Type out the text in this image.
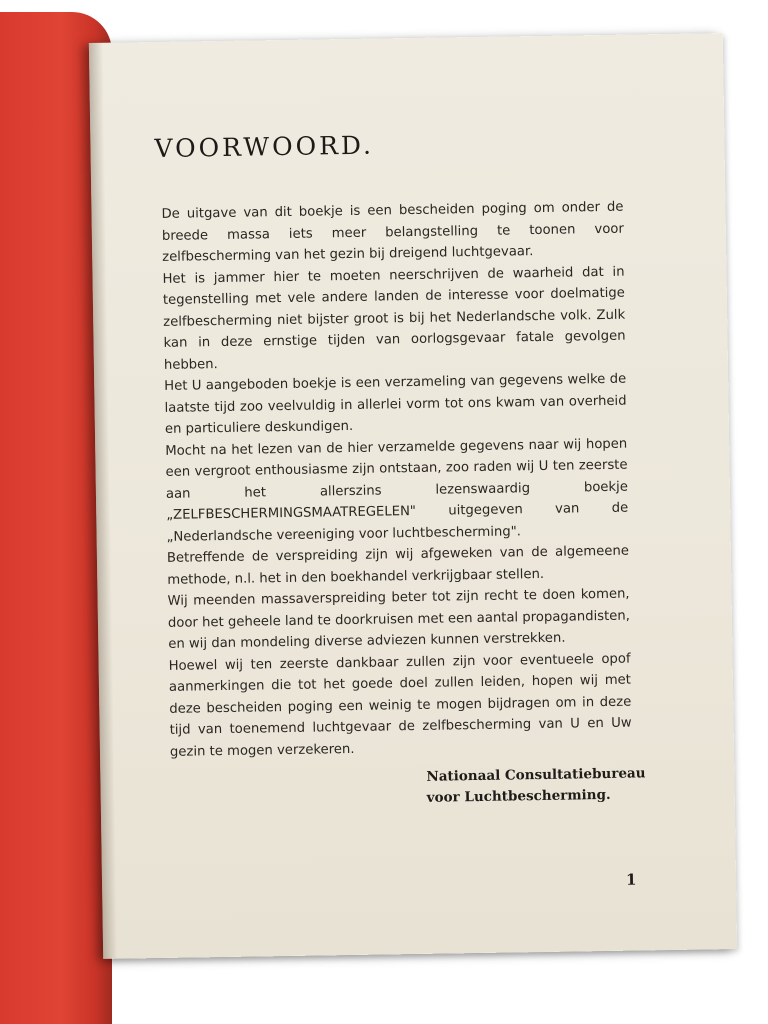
VOORWOORD.

De uitgave van dit boekje is een bescheiden poging om onder de breede massa iets meer belangstelling te toonen voor zelfbescherming van het gezin bij dreigend luchtgevaar.

Het is jammer hier te moeten neerschrijven de waarheid dat in tegenstelling met vele andere landen de interesse voor doelmatige zelfbescherming niet bijster groot is bij het Nederlandsche volk. Zulk kan in deze ernstige tijden van oorlogsgevaar fatale gevolgen hebben.

Het U aangeboden boekje is een verzameling van gegevens welke de laatste tijd zoo veelvuldig in allerlei vorm tot ons kwam van overheid en particuliere deskundigen.

Mocht na het lezen van de hier verzamelde gegevens naar wij hopen een vergroot enthousiasme zijn ontstaan, zoo raden wij U ten zeerste aan het allerszins lezenswaardig boekje „ZELFBESCHERMINGSMAATREGELEN" uitgegeven van de „Nederlandsche vereeniging voor luchtbescherming".

Betreffende de verspreiding zijn wij afgeweken van de algemeene methode, n.l. het in den boekhandel verkrijgbaar stellen.

Wij meenden massaverspreiding beter tot zijn recht te doen komen, door het geheele land te doorkruisen met een aantal propagandisten, en wij dan mondeling diverse adviezen kunnen verstrekken.

Hoewel wij ten zeerste dankbaar zullen zijn voor eventueele opof aanmerkingen die tot het goede doel zullen leiden, hopen wij met deze bescheiden poging een weinig te mogen bijdragen om in deze tijd van toenemend luchtgevaar de zelfbescherming van U en Uw gezin te mogen verzekeren.

Nationaal Consultatiebureau
voor Luchtbescherming.
1
